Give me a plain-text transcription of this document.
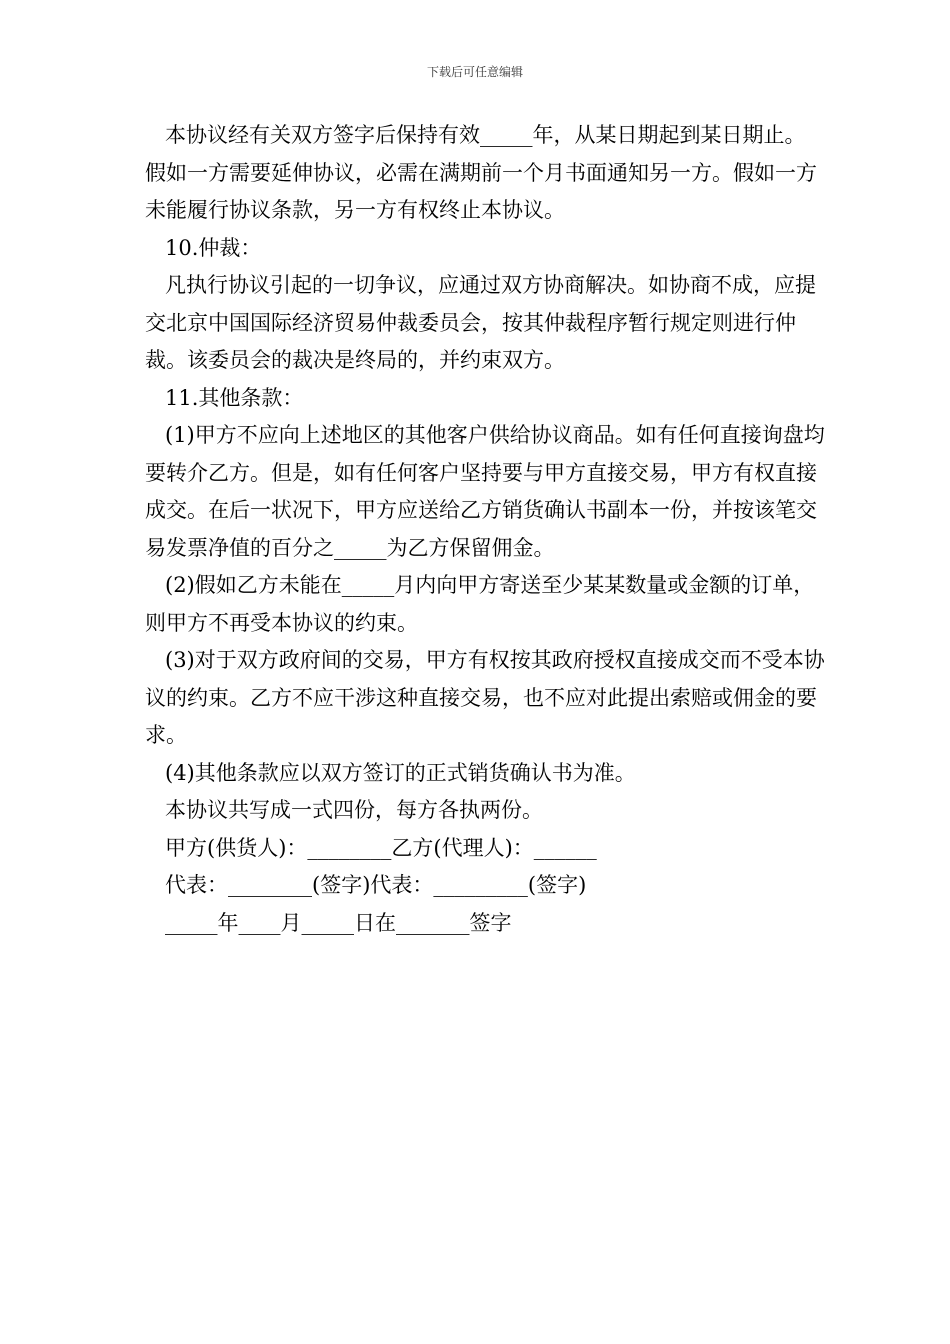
下载后可任意编辑

本协议经有关双方签字后保持有效_____年，从某日期起到某日期止。假如一方需要延伸协议，必需在满期前一个月书面通知另一方。假如一方未能履行协议条款，另一方有权终止本协议。

10.仲裁：

凡执行协议引起的一切争议，应通过双方协商解决。如协商不成，应提交北京中国国际经济贸易仲裁委员会，按其仲裁程序暂行规定则进行仲裁。该委员会的裁决是终局的，并约束双方。

11.其他条款：

(1)甲方不应向上述地区的其他客户供给协议商品。如有任何直接询盘均要转介乙方。但是，如有任何客户坚持要与甲方直接交易，甲方有权直接成交。在后一状况下，甲方应送给乙方销货确认书副本一份，并按该笔交易发票净值的百分之_____为乙方保留佣金。

(2)假如乙方未能在_____月内向甲方寄送至少某某数量或金额的订单，则甲方不再受本协议的约束。

(3)对于双方政府间的交易，甲方有权按其政府授权直接成交而不受本协议的约束。乙方不应干涉这种直接交易，也不应对此提出索赔或佣金的要求。

(4)其他条款应以双方签订的正式销货确认书为准。

本协议共写成一式四份，每方各执两份。

甲方(供货人)：________乙方(代理人)：______

代表：________(签字)代表：_________(签字)

_____年____月_____日在_______签字
